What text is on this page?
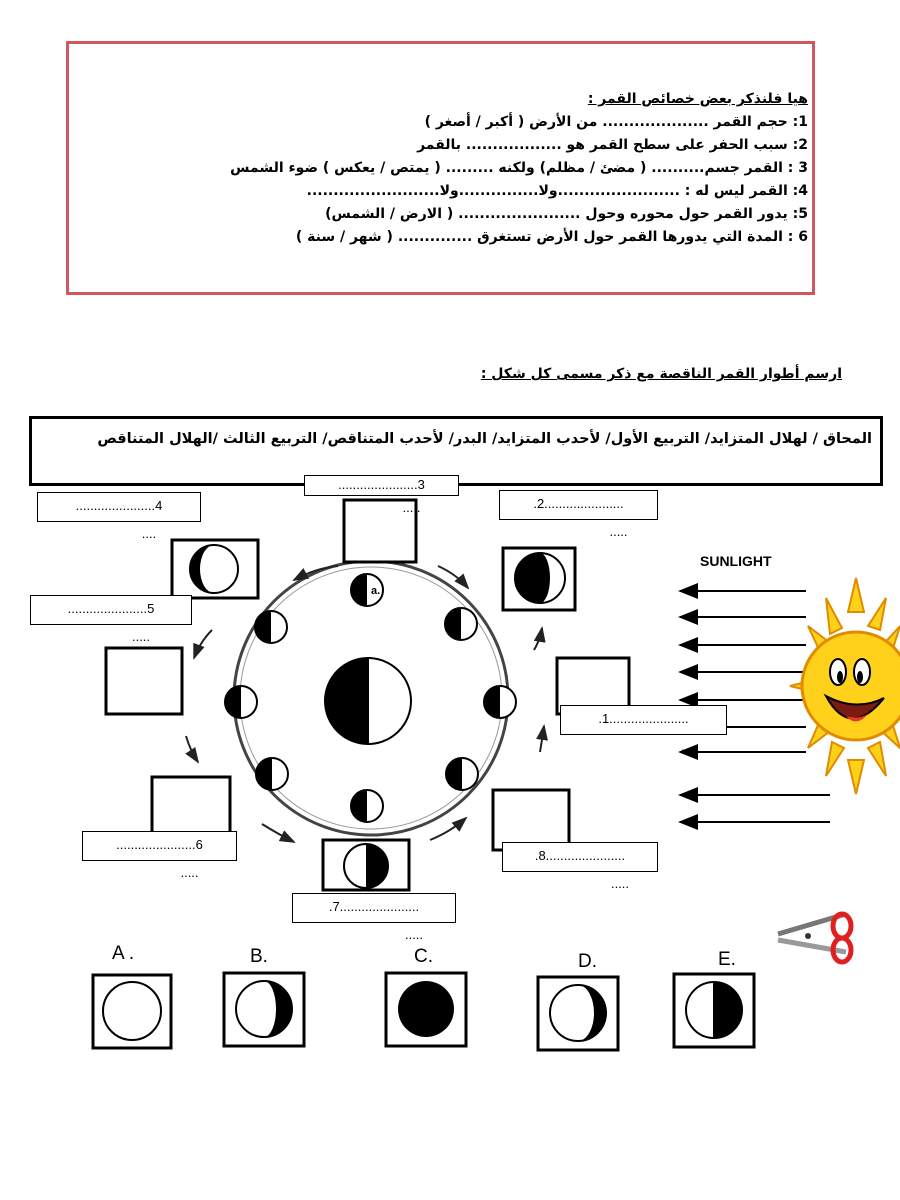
هيا فلنذكر بعض خصائص القمر :
1: حجم القمر .................... من الأرض ( أكبر / أصغر )
2: سبب الحفر على سطح القمر هو .................. بالقمر
3 : القمر جسم.......... ( مضئ / مظلم) ولكنه ......... ( يمتص / يعكس ) ضوء الشمس
4: القمر ليس له : .......................ولا...............ولا.........................
5: يدور القمر حول محوره وحول ....................... ( الارض / الشمس)
6 : المدة التي يدورها القمر حول الأرض تستغرق .............. ( شهر / سنة )
ارسم أطوار القمر الناقصة مع ذكر مسمى كل شكل :
المحاق / لهلال المتزايد/ التربيع الأول/ لأحدب المتزايد/ البدر/ لأحدب المتناقص/ التربيع الثالث /الهلال المتناقص
a.
SUNLIGHT
......................3
.....	.2......................
.....
......................4
....
......................5
.....
.1......................
....
......................6
.....
.8......................
.....
.7......................
.....
A .	B.	C.	D.	E.
